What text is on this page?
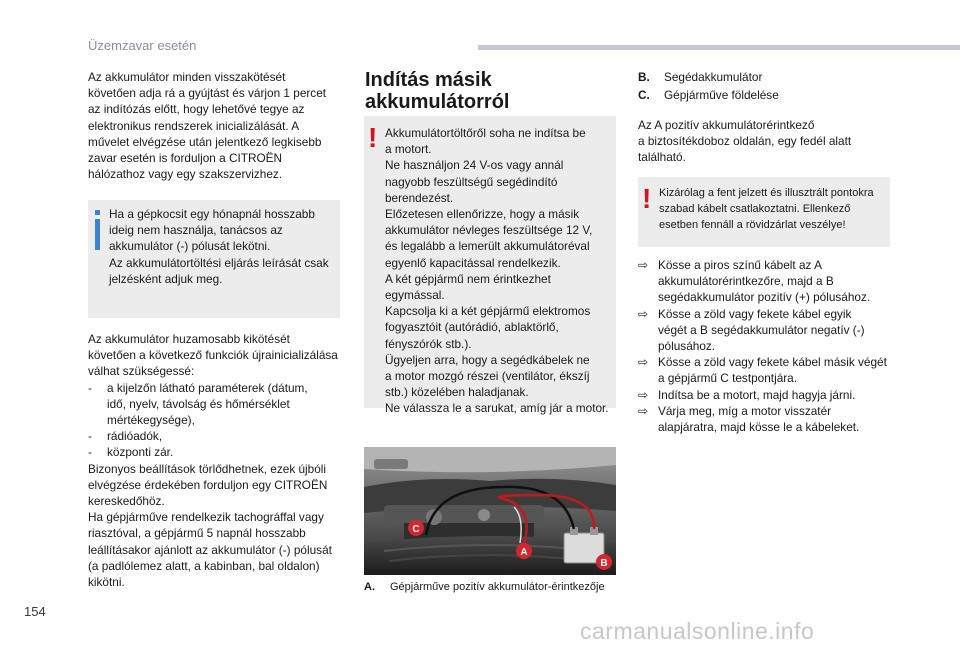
Üzemzavar esetén

Az akkumulátor minden visszakötését
követően adja rá a gyújtást és várjon 1 percet
az indítózás előtt, hogy lehetővé tegye az
elektronikus rendszerek inicializálását. A
művelet elvégzése után jelentkező legkisebb
zavar esetén is forduljon a CITROËN
hálózathoz vagy egy szakszervizhez.

Ha a gépkocsit egy hónapnál hosszabb
ideig nem használja, tanácsos az
akkumulátor (-) pólusát lekötni.
Az akkumulátortöltési eljárás leírását csak
jelzésként adjuk meg.

Az akkumulátor huzamosabb kikötését
követően a következő funkciók újrainicializálása
válhat szükségessé:
- a kijelzőn látható paraméterek (dátum,
idő, nyelv, távolság és hőmérséklet
mértékegysége),
- rádióadók,
- központi zár.
Bizonyos beállítások törlődhetnek, ezek újbóli
elvégzése érdekében forduljon egy CITROËN
kereskedőhöz.
Ha gépjárműve rendelkezik tachográffal vagy
riasztóval, a gépjármű 5 napnál hosszabb
leállításakor ajánlott az akkumulátor (-) pólusát
(a padlólemez alatt, a kabinban, bal oldalon)
kikötni.
Indítás másik
akkumulátorról
! Akkumulátortöltőről soha ne indítsa be
a motort.
Ne használjon 24 V-os vagy annál
nagyobb feszültségű segédindító
berendezést.
Előzetesen ellenőrizze, hogy a másik
akkumulátor névleges feszültsége 12 V,
és legalább a lemerült akkumulátoréval
egyenlő kapacitással rendelkezik.
A két gépjármű nem érintkezhet
egymással.
Kapcsolja ki a két gépjármű elektromos
fogyasztóit (autórádió, ablaktörlő,
fényszórók stb.).
Ügyeljen arra, hogy a segédkábelek ne
a motor mozgó részei (ventilátor, ékszíj
stb.) közelében haladjanak.
Ne válassza le a sarukat, amíg jár a motor.

C
A
B
A. Gépjárműve pozitív akkumulátor-érintkezője
B. Segédakkumulátor
C. Gépjárműve földelése

Az A pozitív akkumulátorérintkező
a biztosítékdoboz oldalán, egy fedél alatt
található.

! Kizárólag a fent jelzett és illusztrált pontokra
szabad kábelt csatlakoztatni. Ellenkező
esetben fennáll a rövidzárlat veszélye!

⇨ Kösse a piros színű kábelt az A
akkumulátorérintkezőre, majd a B
segédakkumulátor pozitív (+) pólusához.
⇨ Kösse a zöld vagy fekete kábel egyik
végét a B segédakkumulátor negatív (-)
pólusához.
⇨ Kösse a zöld vagy fekete kábel másik végét
a gépjármű C testpontjára.
⇨ Indítsa be a motort, majd hagyja járni.
⇨ Várja meg, míg a motor visszatér
alapjáratra, majd kösse le a kábeleket.
154
carmanualsonline.info
